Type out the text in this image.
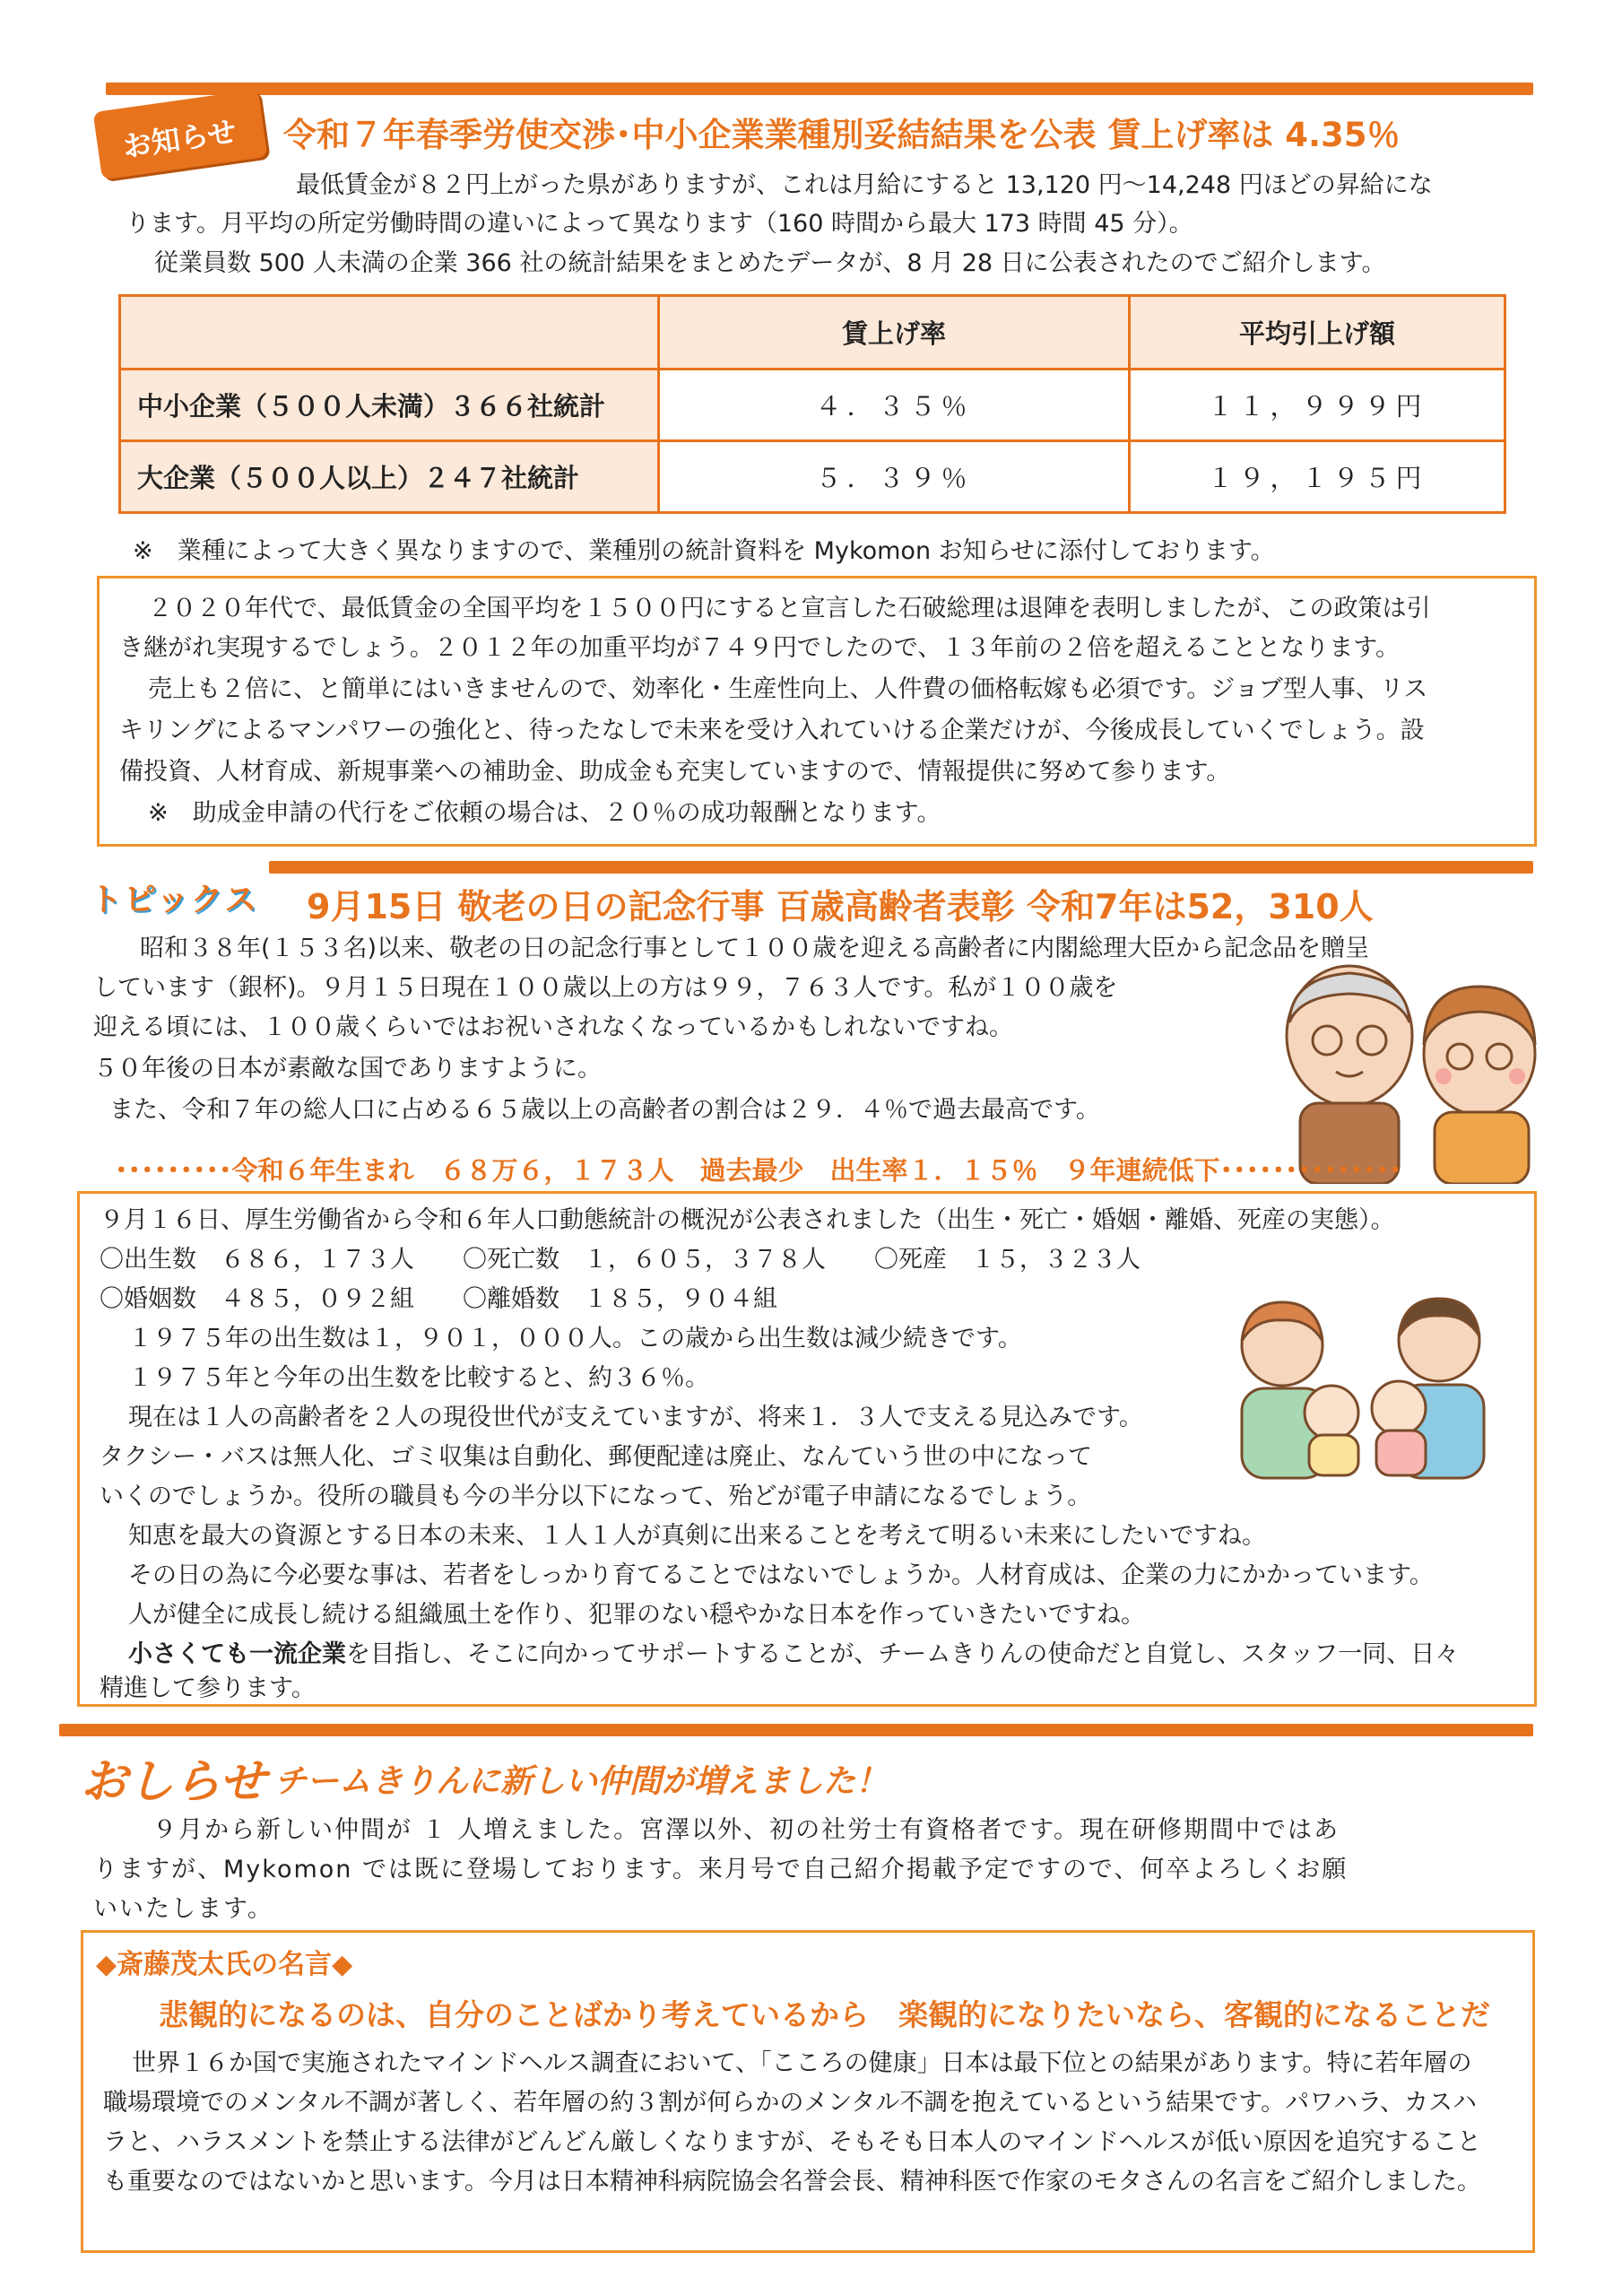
お知らせ 令和７年春季労使交渉･中小企業業種別妥結結果を公表 賃上げ率は 4.35％
最低賃金が８２円上がった県がありますが、これは月給にすると 13,120 円～14,248 円ほどの昇給にな
ります。月平均の所定労働時間の違いによって異なります（160 時間から最大 173 時間 45 分）。
従業員数 500 人未満の企業 366 社の統計結果をまとめたデータが、8 月 28 日に公表されたのでご紹介します。
	賃上げ率	平均引上げ額
中小企業（５００人未満）３６６社統計	４．３５％	１１，９９９円
大企業（５００人以上）２４７社統計	５．３９％	１９，１９５円
※　業種によって大きく異なりますので、業種別の統計資料を Mykomon お知らせに添付しております。
２０２０年代で、最低賃金の全国平均を１５００円にすると宣言した石破総理は退陣を表明しましたが、この政策は引
き継がれ実現するでしょう。２０１２年の加重平均が７４９円でしたので、１３年前の２倍を超えることとなります。
売上も２倍に、と簡単にはいきませんので、効率化・生産性向上、人件費の価格転嫁も必須です。ジョブ型人事、リス
キリングによるマンパワーの強化と、待ったなしで未来を受け入れていける企業だけが、今後成長していくでしょう。設
備投資、人材育成、新規事業への補助金、助成金も充実していますので、情報提供に努めて参ります。
※　助成金申請の代行をご依頼の場合は、２０％の成功報酬となります。
トピックス 9月15日 敬老の日の記念行事 百歳高齢者表彰 令和7年は52，310人
昭和３８年(１５３名)以来、敬老の日の記念行事として１００歳を迎える高齢者に内閣総理大臣から記念品を贈呈
しています（銀杯)。９月１５日現在１００歳以上の方は９９，７６３人です。私が１００歳を
迎える頃には、１００歳くらいではお祝いされなくなっているかもしれないですね。
５０年後の日本が素敵な国でありますように。
また、令和７年の総人口に占める６５歳以上の高齢者の割合は２９．４％で過去最高です。
･････････令和６年生まれ　６８万６，１７３人　過去最少　出生率１．１５％　９年連続低下･･････････････
９月１６日、厚生労働省から令和６年人口動態統計の概況が公表されました（出生・死亡・婚姻・離婚、死産の実態）。
〇出生数　６８６，１７３人　　〇死亡数　１，６０５，３７８人　　〇死産　１５，３２３人
〇婚姻数　４８５，０９２組　　〇離婚数　１８５，９０４組
１９７５年の出生数は１，９０１，０００人。この歳から出生数は減少続きです。
１９７５年と今年の出生数を比較すると、約３６％。
現在は１人の高齢者を２人の現役世代が支えていますが、将来１．３人で支える見込みです。
タクシー・バスは無人化、ゴミ収集は自動化、郵便配達は廃止、なんていう世の中になって
いくのでしょうか。役所の職員も今の半分以下になって、殆どが電子申請になるでしょう。
知恵を最大の資源とする日本の未来、１人１人が真剣に出来ることを考えて明るい未来にしたいですね。
その日の為に今必要な事は、若者をしっかり育てることではないでしょうか。人材育成は、企業の力にかかっています。
人が健全に成長し続ける組織風土を作り、犯罪のない穏やかな日本を作っていきたいですね。
小さくても一流企業を目指し、そこに向かってサポートすることが、チームきりんの使命だと自覚し、スタッフ一同、日々
精進して参ります。
おしらせ チームきりんに新しい仲間が増えました！
９月から新しい仲間が １ 人増えました。宮澤以外、初の社労士有資格者です。現在研修期間中ではあ
りますが、Mykomon では既に登場しております。来月号で自己紹介掲載予定ですので、何卒よろしくお願
いいたします。
◆斎藤茂太氏の名言◆
悲観的になるのは、自分のことばかり考えているから　楽観的になりたいなら、客観的になることだ
世界１６か国で実施されたマインドヘルス調査において、「こころの健康」日本は最下位との結果があります。特に若年層の
職場環境でのメンタル不調が著しく、若年層の約３割が何らかのメンタル不調を抱えているという結果です。パワハラ、カスハ
ラと、ハラスメントを禁止する法律がどんどん厳しくなりますが、そもそも日本人のマインドヘルスが低い原因を追究すること
も重要なのではないかと思います。今月は日本精神科病院協会名誉会長、精神科医で作家のモタさんの名言をご紹介しました。
